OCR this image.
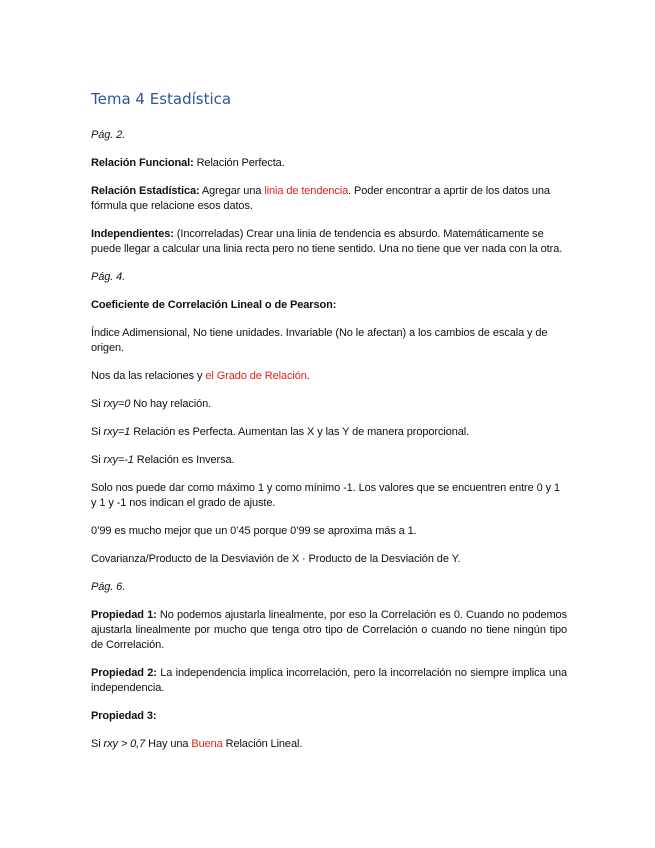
Tema 4 Estadística

Pág. 2.

Relación Funcional: Relación Perfecta.

Relación Estadística: Agregar una linia de tendencia. Poder encontrar a aprtir de los datos una fórmula que relacione esos datos.

Independientes: (Incorreladas) Crear una linia de tendencia es absurdo. Matemáticamente se puede llegar a calcular una linia recta pero no tiene sentido. Una no tiene que ver nada con la otra.

Pág. 4.

Coeficiente de Correlación Lineal o de Pearson:

Índice Adimensional, No tiene unidades. Invariable (No le afectan) a los cambios de escala y de origen.

Nos da las relaciones y el Grado de Relación.

Si rxy=0 No hay relación.

Si rxy=1 Relación es Perfecta. Aumentan las X y las Y de manera proporcional.

Si rxy=-1 Relación es Inversa.

Solo nos puede dar como máximo 1 y como mínimo -1. Los valores que se encuentren entre 0 y 1 y 1 y -1 nos indican el grado de ajuste.

0’99 es mucho mejor que un 0’45 porque 0’99 se aproxima más a 1.

Covarianza/Producto de la Desviavión de X · Producto de la Desviación de Y.

Pág. 6.

Propiedad 1: No podemos ajustarla linealmente, por eso la Correlación es 0. Cuando no podemos ajustarla linealmente por mucho que tenga otro tipo de Correlación o cuando no tiene ningún tipo de Correlación.

Propiedad 2: La independencia implica incorrelación, pero la incorrelación no siempre implica una independencia.

Propiedad 3:

Si rxy > 0,7 Hay una Buena Relación Lineal.
